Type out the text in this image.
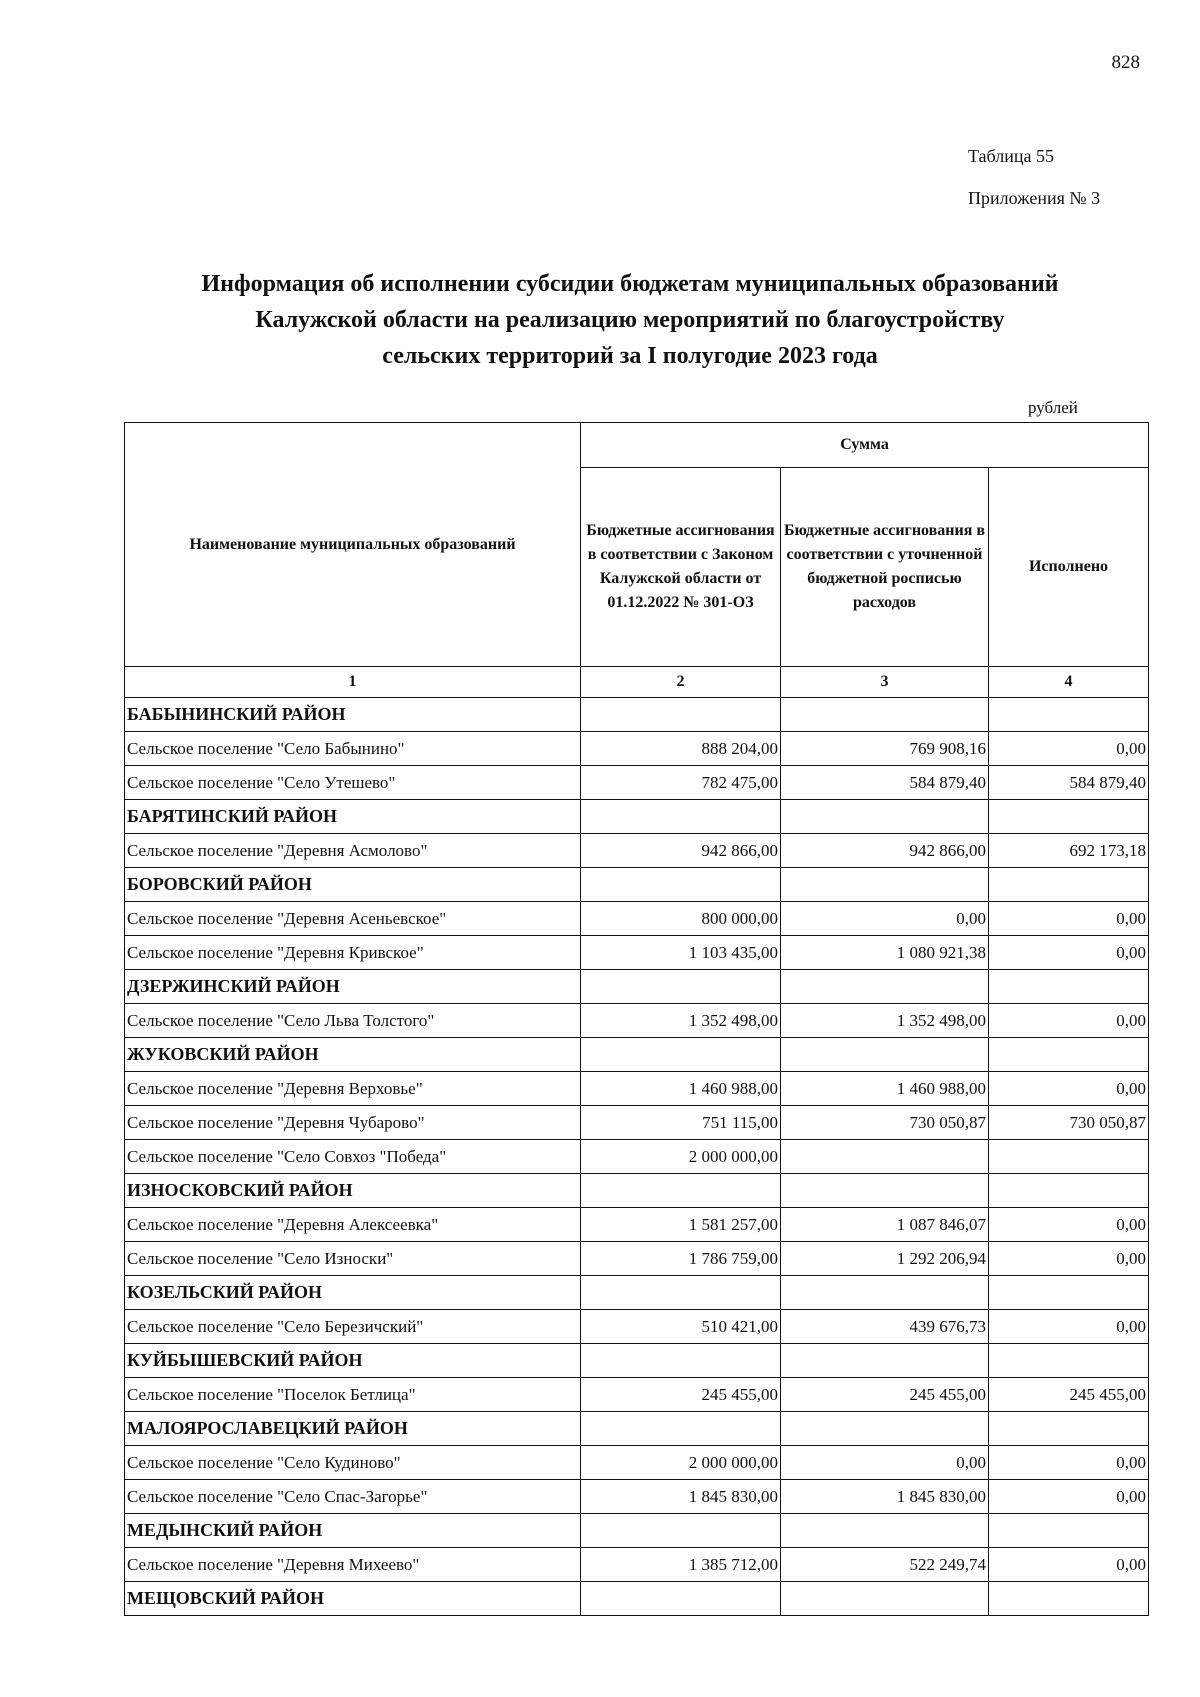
828
Таблица 55
Приложения № 3
Информация об исполнении субсидии бюджетам муниципальных образований
Калужской области на реализацию мероприятий по благоустройству
сельских территорий за I полугодие 2023 года
рублей
Наименование муниципальных образований	Сумма		
	Бюджетные ассигнования в соответствии с Законом Калужской области от 01.12.2022 № 301-ОЗ	Бюджетные ассигнования в соответствии с уточненной бюджетной росписью расходов	Исполнено
1	2	3	4
БАБЫНИНСКИЙ РАЙОН			
Сельское поселение "Село Бабынино"	888 204,00	769 908,16	0,00
Сельское поселение "Село Утешево"	782 475,00	584 879,40	584 879,40
БАРЯТИНСКИЙ РАЙОН			
Сельское поселение "Деревня Асмолово"	942 866,00	942 866,00	692 173,18
БОРОВСКИЙ РАЙОН			
Сельское поселение "Деревня Асеньевское"	800 000,00	0,00	0,00
Сельское поселение "Деревня Кривское"	1 103 435,00	1 080 921,38	0,00
ДЗЕРЖИНСКИЙ РАЙОН			
Сельское поселение "Село Льва Толстого"	1 352 498,00	1 352 498,00	0,00
ЖУКОВСКИЙ РАЙОН			
Сельское поселение "Деревня Верховье"	1 460 988,00	1 460 988,00	0,00
Сельское поселение "Деревня Чубарово"	751 115,00	730 050,87	730 050,87
Сельское поселение "Село Совхоз "Победа"	2 000 000,00		
ИЗНОСКОВСКИЙ РАЙОН			
Сельское поселение "Деревня Алексеевка"	1 581 257,00	1 087 846,07	0,00
Сельское поселение "Село Износки"	1 786 759,00	1 292 206,94	0,00
КОЗЕЛЬСКИЙ РАЙОН			
Сельское поселение "Село Березичский"	510 421,00	439 676,73	0,00
КУЙБЫШЕВСКИЙ РАЙОН			
Сельское поселение "Поселок Бетлица"	245 455,00	245 455,00	245 455,00
МАЛОЯРОСЛАВЕЦКИЙ РАЙОН			
Сельское поселение "Село Кудиново"	2 000 000,00	0,00	0,00
Сельское поселение "Село Спас-Загорье"	1 845 830,00	1 845 830,00	0,00
МЕДЫНСКИЙ РАЙОН			
Сельское поселение "Деревня Михеево"	1 385 712,00	522 249,74	0,00
МЕЩОВСКИЙ РАЙОН			
